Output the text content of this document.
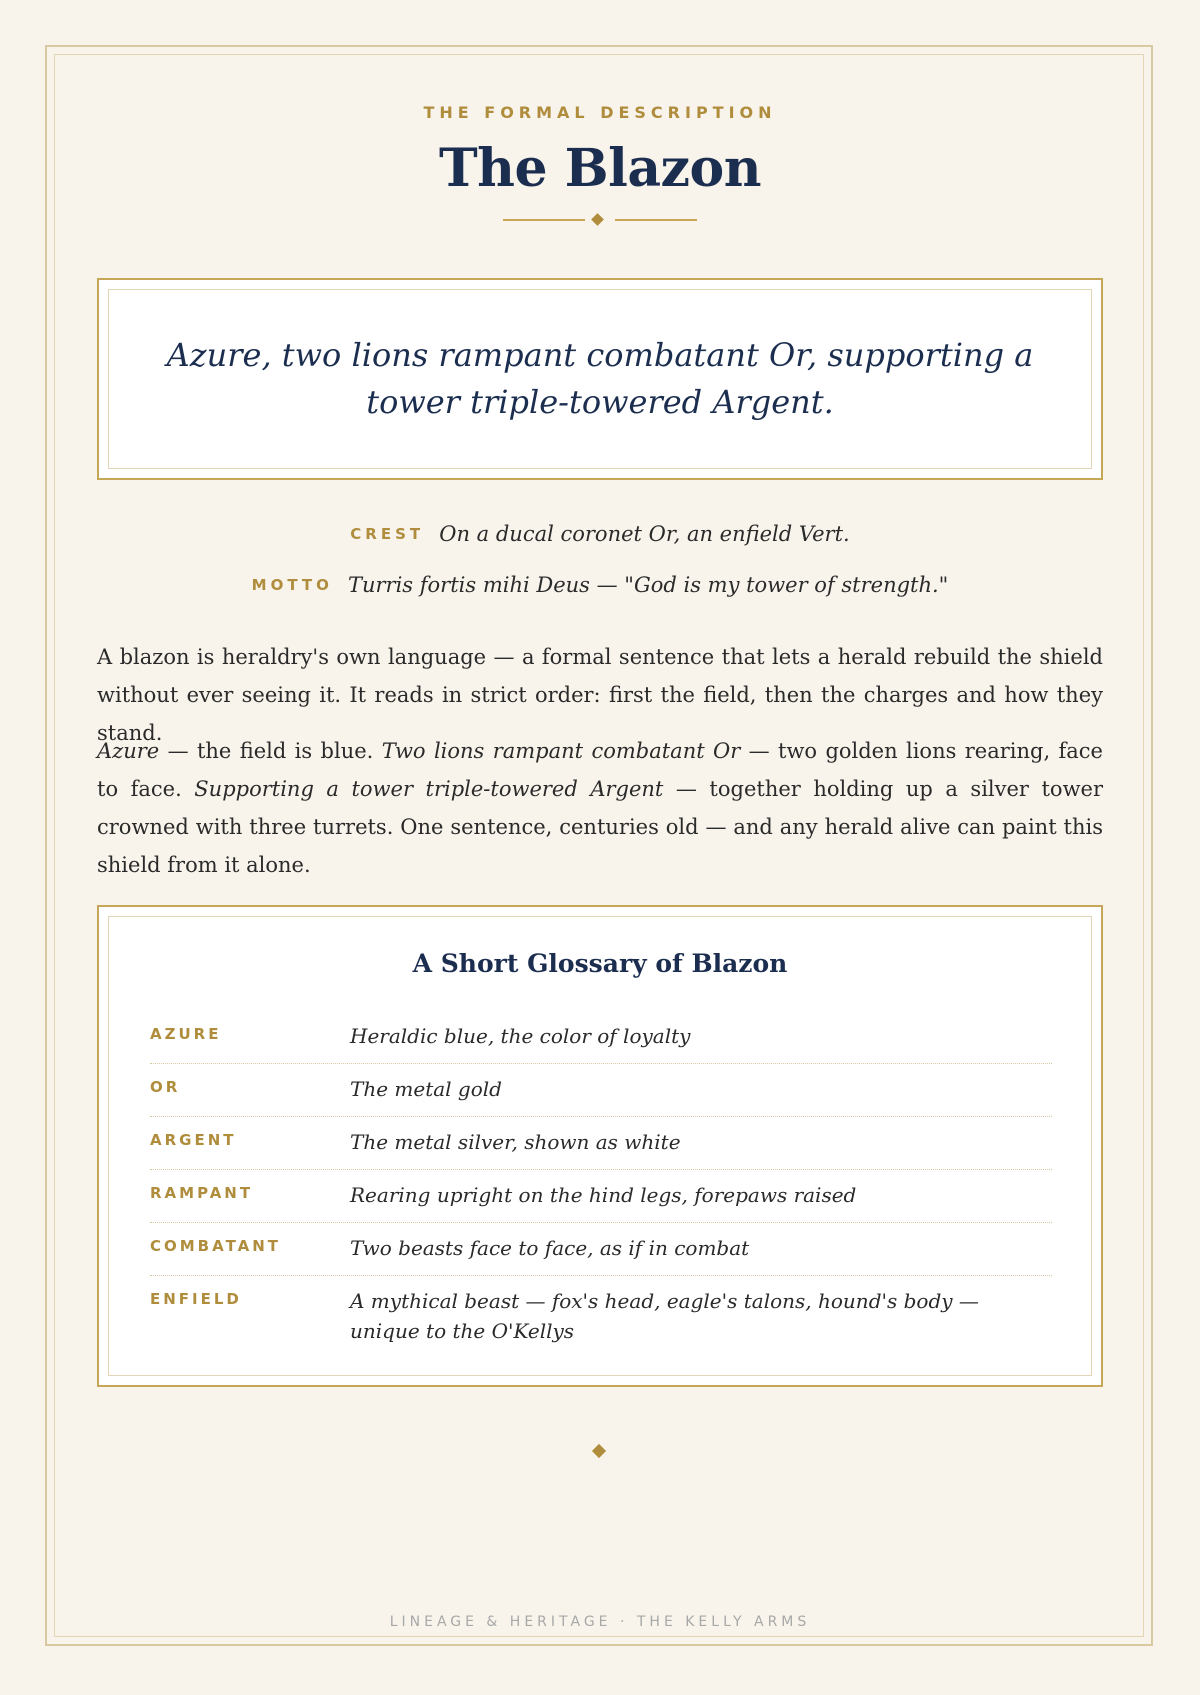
THE FORMAL DESCRIPTION
The Blazon
Azure, two lions rampant combatant Or, supporting a tower triple-towered Argent.
CREST On a ducal coronet Or, an enfield Vert.
MOTTO Turris fortis mihi Deus — "God is my tower of strength."

A blazon is heraldry's own language — a formal sentence that lets a herald rebuild the shield without ever seeing it. It reads in strict order: first the field, then the charges and how they stand.

Azure — the field is blue. Two lions rampant combatant Or — two golden lions rearing, face to face. Supporting a tower triple-towered Argent — together holding up a silver tower crowned with three turrets. One sentence, centuries old — and any herald alive can paint this shield from it alone.

A Short Glossary of Blazon
AZURE	Heraldic blue, the color of loyalty
OR	The metal gold
ARGENT	The metal silver, shown as white
RAMPANT	Rearing upright on the hind legs, forepaws raised
COMBATANT	Two beasts face to face, as if in combat
ENFIELD	A mythical beast — fox's head, eagle's talons, hound's body — unique to the O'Kellys
LINEAGE & HERITAGE · THE KELLY ARMS
